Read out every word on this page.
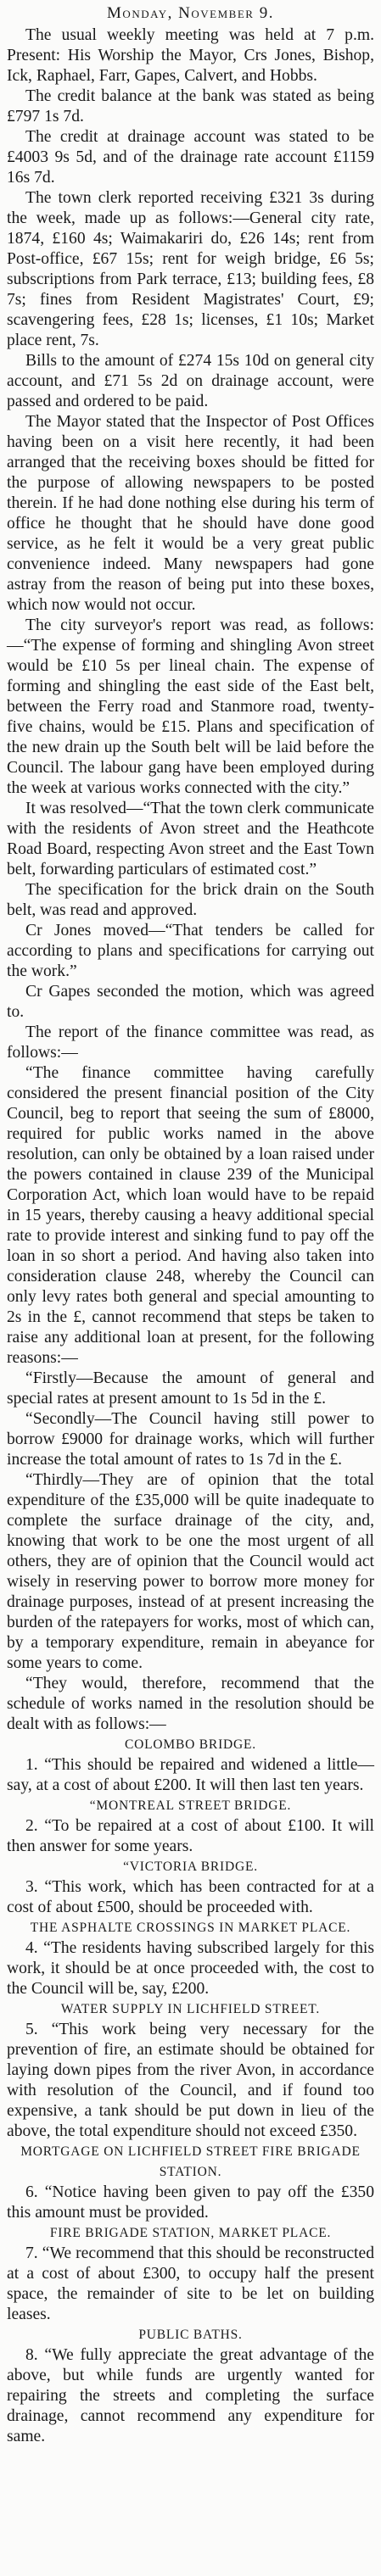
Monday, November 9.

The usual weekly meeting was held at 7 p.m. Present: His Worship the Mayor, Crs Jones, Bishop, Ick, Raphael, Farr, Gapes, Calvert, and Hobbs.

The credit balance at the bank was stated as being £797 1s 7d.

The credit at drainage account was stated to be £4003 9s 5d, and of the drainage rate account £1159 16s 7d.

The town clerk reported receiving £321 3s during the week, made up as follows:—General city rate, 1874, £160 4s; Waimakariri do, £26 14s; rent from Post-office, £67 15s; rent for weigh bridge, £6 5s; subscriptions from Park terrace, £13; building fees, £8 7s; fines from Resident Magistrates' Court, £9; scavengering fees, £28 1s; licenses, £1 10s; Market place rent, 7s.

Bills to the amount of £274 15s 10d on general city account, and £71 5s 2d on drainage account, were passed and ordered to be paid.

The Mayor stated that the Inspector of Post Offices having been on a visit here recently, it had been arranged that the receiving boxes should be fitted for the purpose of allowing newspapers to be posted therein. If he had done nothing else during his term of office he thought that he should have done good service, as he felt it would be a very great public convenience indeed. Many newspapers had gone astray from the reason of being put into these boxes, which now would not occur.

The city surveyor's report was read, as follows:—“The expense of forming and shingling Avon street would be £10 5s per lineal chain. The expense of forming and shingling the east side of the East belt, between the Ferry road and Stanmore road, twenty-five chains, would be £15. Plans and specification of the new drain up the South belt will be laid before the Council. The labour gang have been employed during the week at various works connected with the city.”

It was resolved—“That the town clerk communicate with the residents of Avon street and the Heathcote Road Board, respecting Avon street and the East Town belt, forwarding particulars of estimated cost.”

The specification for the brick drain on the South belt, was read and approved.

Cr Jones moved—“That tenders be called for according to plans and specifications for carrying out the work.”

Cr Gapes seconded the motion, which was agreed to.

The report of the finance committee was read, as follows:—

“The finance committee having carefully considered the present financial position of the City Council, beg to report that seeing the sum of £8000, required for public works named in the above resolution, can only be obtained by a loan raised under the powers contained in clause 239 of the Municipal Corporation Act, which loan would have to be repaid in 15 years, thereby causing a heavy additional special rate to provide interest and sinking fund to pay off the loan in so short a period. And having also taken into consideration clause 248, whereby the Council can only levy rates both general and special amounting to 2s in the £, cannot recommend that steps be taken to raise any additional loan at present, for the following reasons:—

“Firstly—Because the amount of general and special rates at present amount to 1s 5d in the £.

“Secondly—The Council having still power to borrow £9000 for drainage works, which will further increase the total amount of rates to 1s 7d in the £.

“Thirdly—They are of opinion that the total expenditure of the £35,000 will be quite inadequate to complete the surface drainage of the city, and, knowing that work to be one the most urgent of all others, they are of opinion that the Council would act wisely in reserving power to borrow more money for drainage purposes, instead of at present increasing the burden of the ratepayers for works, most of which can, by a temporary expenditure, remain in abeyance for some years to come.

“They would, therefore, recommend that the schedule of works named in the resolution should be dealt with as follows:—

COLOMBO BRIDGE.

1. “This should be repaired and widened a little—say, at a cost of about £200. It will then last ten years.

“MONTREAL STREET BRIDGE.

2. “To be repaired at a cost of about £100. It will then answer for some years.

“VICTORIA BRIDGE.

3. “This work, which has been contracted for at a cost of about £500, should be proceeded with.

THE ASPHALTE CROSSINGS IN MARKET PLACE.

4. “The residents having subscribed largely for this work, it should be at once proceeded with, the cost to the Council will be, say, £200.

WATER SUPPLY IN LICHFIELD STREET.

5. “This work being very necessary for the prevention of fire, an estimate should be obtained for laying down pipes from the river Avon, in accordance with resolution of the Council, and if found too expensive, a tank should be put down in lieu of the above, the total expenditure should not exceed £350.

MORTGAGE ON LICHFIELD STREET FIRE BRIGADE STATION.

6. “Notice having been given to pay off the £350 this amount must be provided.

FIRE BRIGADE STATION, MARKET PLACE.

7. “We recommend that this should be reconstructed at a cost of about £300, to occupy half the present space, the remainder of site to be let on building leases.

PUBLIC BATHS.

8. “We fully appreciate the great advantage of the above, but while funds are urgently wanted for repairing the streets and completing the surface drainage, cannot recommend any expenditure for same.
